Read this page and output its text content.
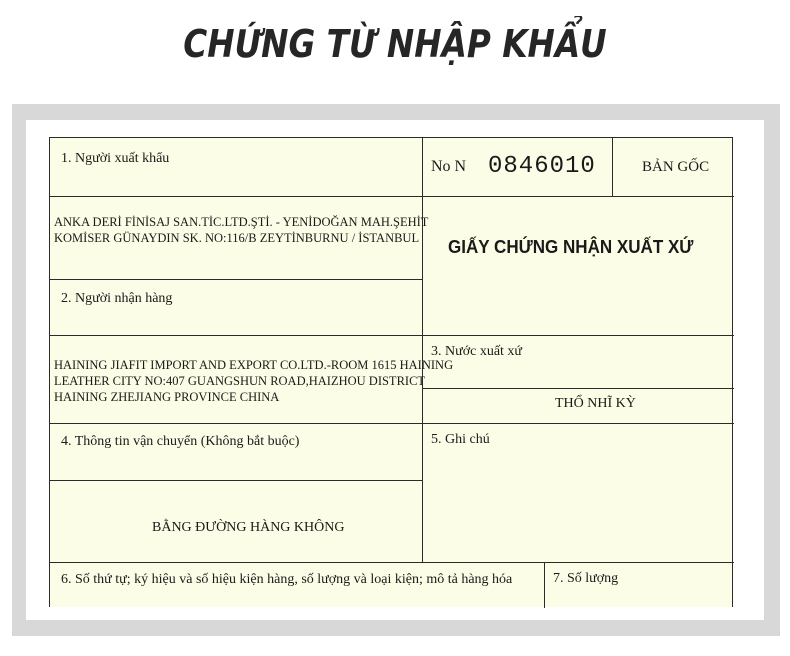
CHỨNG TỪ NHẬP KHẨU
1. Người xuất khẩu
ANKA DERİ FİNİSAJ SAN.TİC.LTD.ŞTİ. - YENİDOĞAN MAH.ŞEHİT
KOMİSER GÜNAYDIN SK. NO:116/B ZEYTİNBURNU / İSTANBUL
No N 0846010	BẢN GỐC
GIẤY CHỨNG NHẬN XUẤT XỨ
2. Người nhận hàng
HAINING JIAFIT IMPORT AND EXPORT CO.LTD.-ROOM 1615 HAINING
LEATHER CITY NO:407 GUANGSHUN ROAD,HAIZHOU DISTRICT
HAINING ZHEJIANG PROVINCE CHINA
3. Nước xuất xứ
THỔ NHĨ KỲ
4. Thông tin vận chuyển (Không bắt buộc)
BẰNG ĐƯỜNG HÀNG KHÔNG
5. Ghi chú
6. Số thứ tự; ký hiệu và số hiệu kiện hàng, số lượng và loại kiện; mô tả hàng hóa	7. Số lượng
